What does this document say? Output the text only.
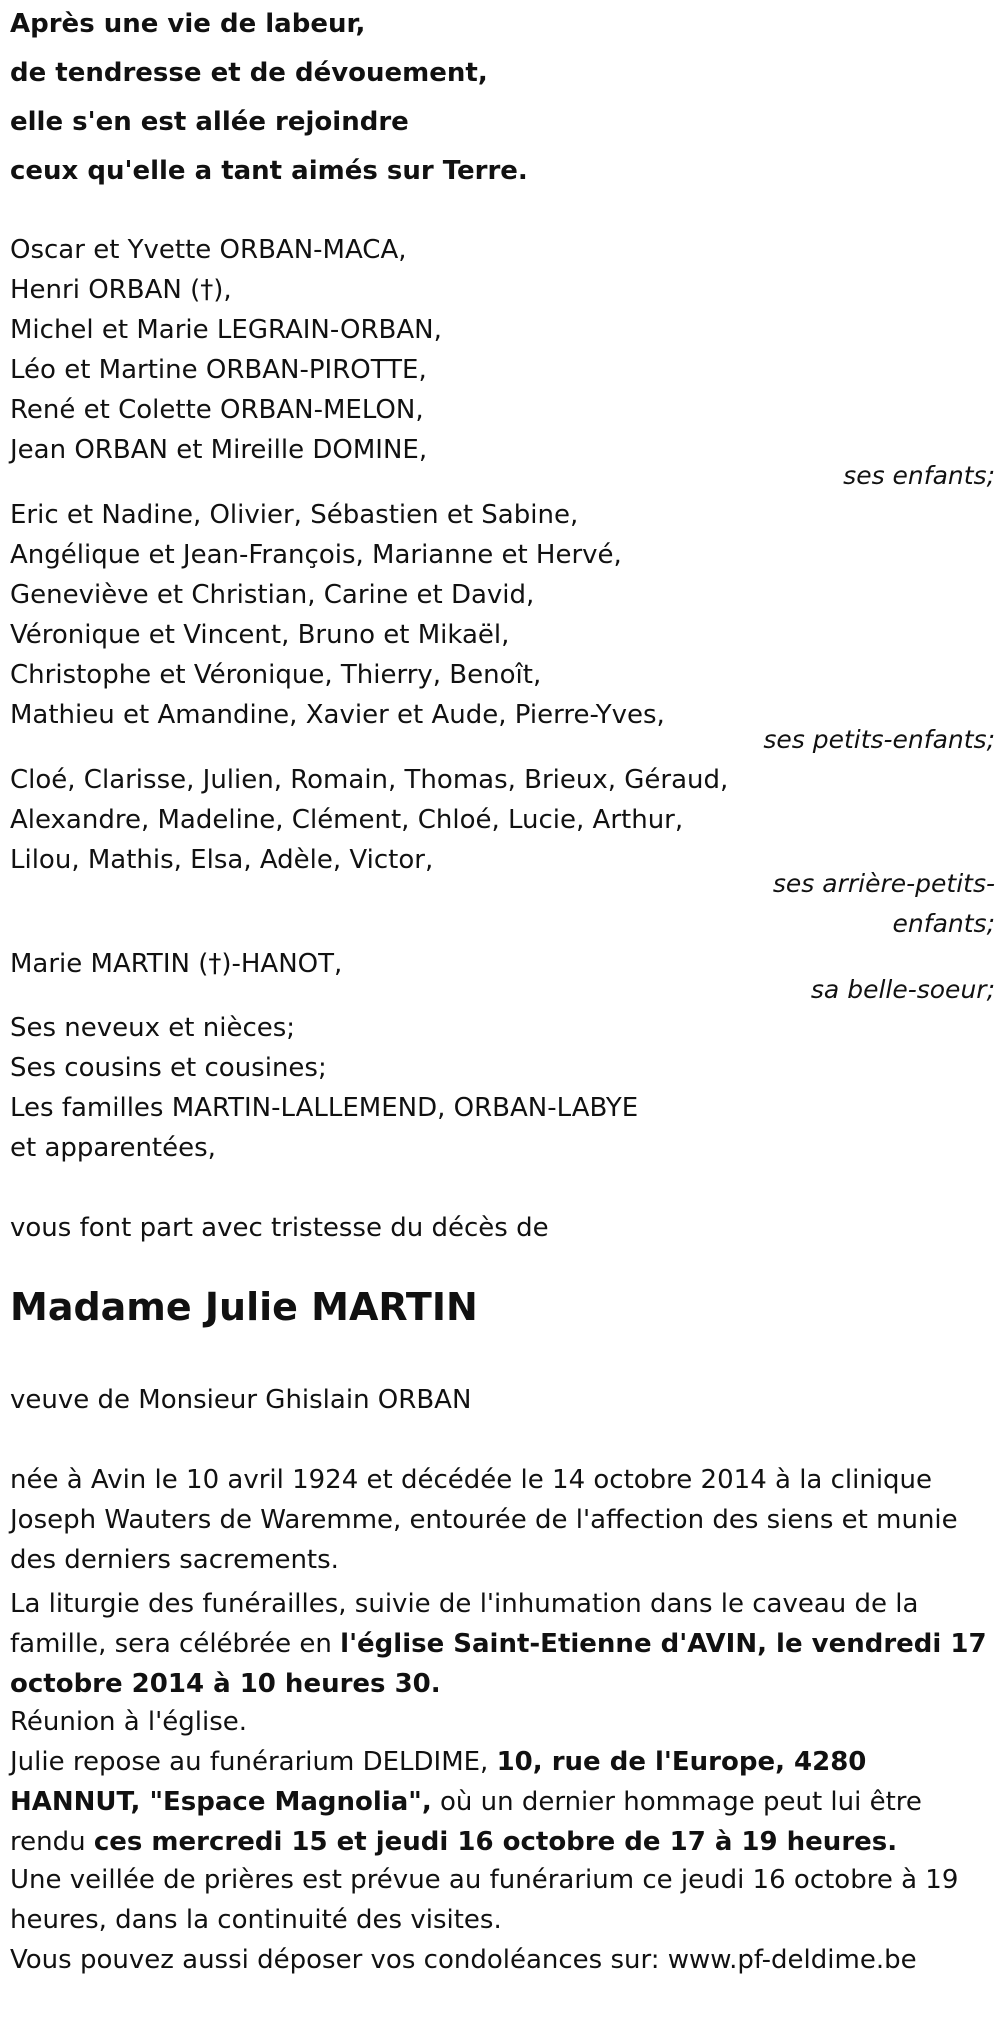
Après une vie de labeur,
de tendresse et de dévouement,
elle s'en est allée rejoindre
ceux qu'elle a tant aimés sur Terre.
Oscar et Yvette ORBAN-MACA,
Henri ORBAN (†),
Michel et Marie LEGRAIN-ORBAN,
Léo et Martine ORBAN-PIROTTE,
René et Colette ORBAN-MELON,
Jean ORBAN et Mireille DOMINE,
ses enfants;
Eric et Nadine, Olivier, Sébastien et Sabine,
Angélique et Jean-François, Marianne et Hervé,
Geneviève et Christian, Carine et David,
Véronique et Vincent, Bruno et Mikaël,
Christophe et Véronique, Thierry, Benoît,
Mathieu et Amandine, Xavier et Aude, Pierre-Yves,
ses petits-enfants;
Cloé, Clarisse, Julien, Romain, Thomas, Brieux, Géraud,
Alexandre, Madeline, Clément, Chloé, Lucie, Arthur,
Lilou, Mathis, Elsa, Adèle, Victor,
ses arrière-petits-
enfants;
Marie MARTIN (†)-HANOT,
sa belle-soeur;
Ses neveux et nièces;
Ses cousins et cousines;
Les familles MARTIN-LALLEMEND, ORBAN-LABYE
et apparentées,
vous font part avec tristesse du décès de
Madame Julie MARTIN
veuve de Monsieur Ghislain ORBAN
née à Avin le 10 avril 1924 et décédée le 14 octobre 2014 à la clinique Joseph Wauters de Waremme, entourée de l'affection des siens et munie des derniers sacrements.
La liturgie des funérailles, suivie de l'inhumation dans le caveau de la famille, sera célébrée en l'église Saint-Etienne d'AVIN, le vendredi 17 octobre 2014 à 10 heures 30.
Réunion à l'église.
Julie repose au funérarium DELDIME, 10, rue de l'Europe, 4280 HANNUT, "Espace Magnolia", où un dernier hommage peut lui être rendu ces mercredi 15 et jeudi 16 octobre de 17 à 19 heures.
Une veillée de prières est prévue au funérarium ce jeudi 16 octobre à 19 heures, dans la continuité des visites.
Vous pouvez aussi déposer vos condoléances sur: www.pf-deldime.be
